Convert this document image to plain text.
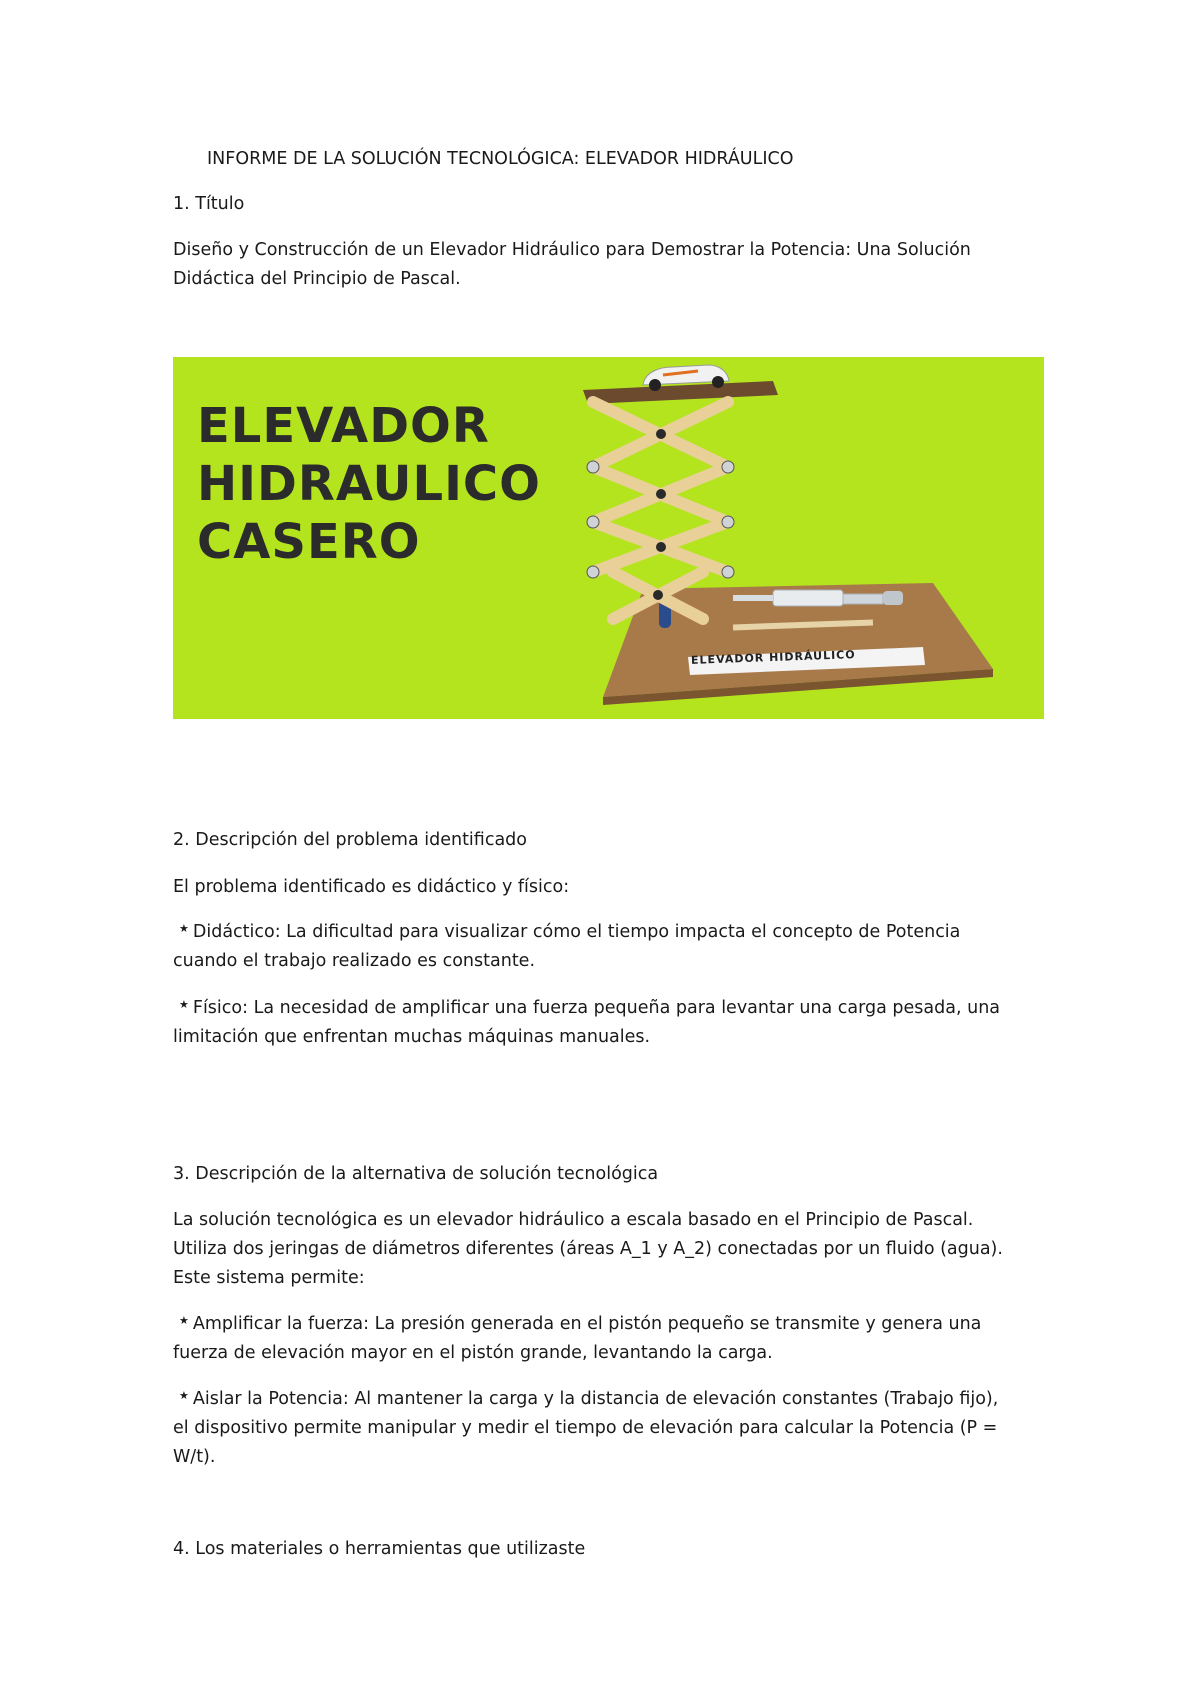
INFORME DE LA SOLUCIÓN TECNOLÓGICA: ELEVADOR HIDRÁULICO
1. Título
Diseño y Construcción de un Elevador Hidráulico para Demostrar la Potencia: Una Solución
Didáctica del Principio de Pascal.
ELEVADOR
HIDRAULICO
CASERO
ELEVADOR HIDRÁULICO
2. Descripción del problema identificado
El problema identificado es didáctico y físico:
★ Didáctico: La dificultad para visualizar cómo el tiempo impacta el concepto de Potencia
cuando el trabajo realizado es constante.
★ Físico: La necesidad de amplificar una fuerza pequeña para levantar una carga pesada, una
limitación que enfrentan muchas máquinas manuales.
3. Descripción de la alternativa de solución tecnológica
La solución tecnológica es un elevador hidráulico a escala basado en el Principio de Pascal.
Utiliza dos jeringas de diámetros diferentes (áreas A_1 y A_2) conectadas por un fluido (agua).
Este sistema permite:
★ Amplificar la fuerza: La presión generada en el pistón pequeño se transmite y genera una
fuerza de elevación mayor en el pistón grande, levantando la carga.
★ Aislar la Potencia: Al mantener la carga y la distancia de elevación constantes (Trabajo fijo),
el dispositivo permite manipular y medir el tiempo de elevación para calcular la Potencia (P =
W/t).
4. Los materiales o herramientas que utilizaste
